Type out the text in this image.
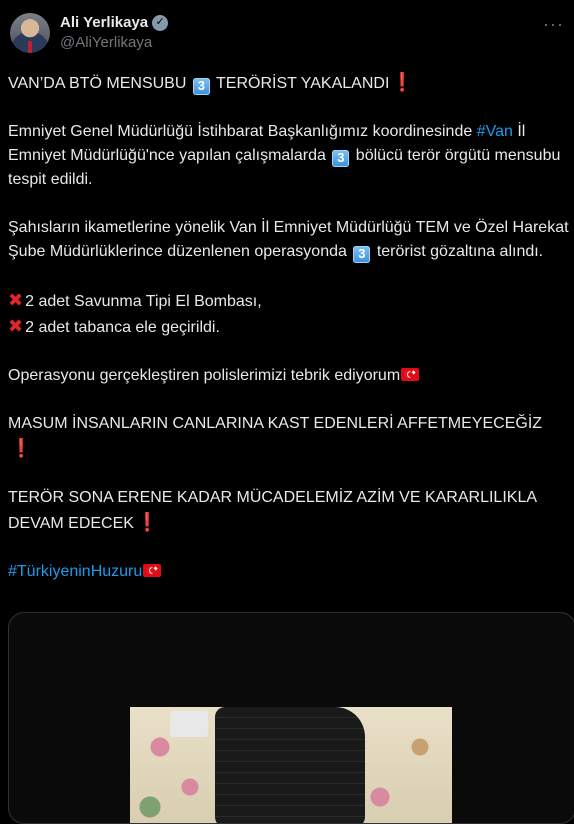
Ali Yerlikaya ✓
@AliYerlikaya
···

VAN’DA BTÖ MENSUBU 3 TERÖRİST YAKALANDI ❗

Emniyet Genel Müdürlüğü İstihbarat Başkanlığımız koordinesinde #Van İl Emniyet Müdürlüğü'nce yapılan çalışmalarda 3 bölücü terör örgütü mensubu tespit edildi.

Şahısların ikametlerine yönelik Van İl Emniyet Müdürlüğü TEM ve Özel Harekat Şube Müdürlüklerince düzenlenen operasyonda 3 terörist gözaltına alındı.

✖ 2 adet Savunma Tipi El Bombası,

✖ 2 adet tabanca ele geçirildi.

Operasyonu gerçekleştiren polislerimizi tebrik ediyorum

MASUM İNSANLARIN CANLARINA KAST EDENLERİ AFFETMEYECEĞİZ ❗

TERÖR SONA ERENE KADAR MÜCADELEMİZ AZİM VE KARARLILIKLA DEVAM EDECEK ❗

#TürkiyeninHuzuru
